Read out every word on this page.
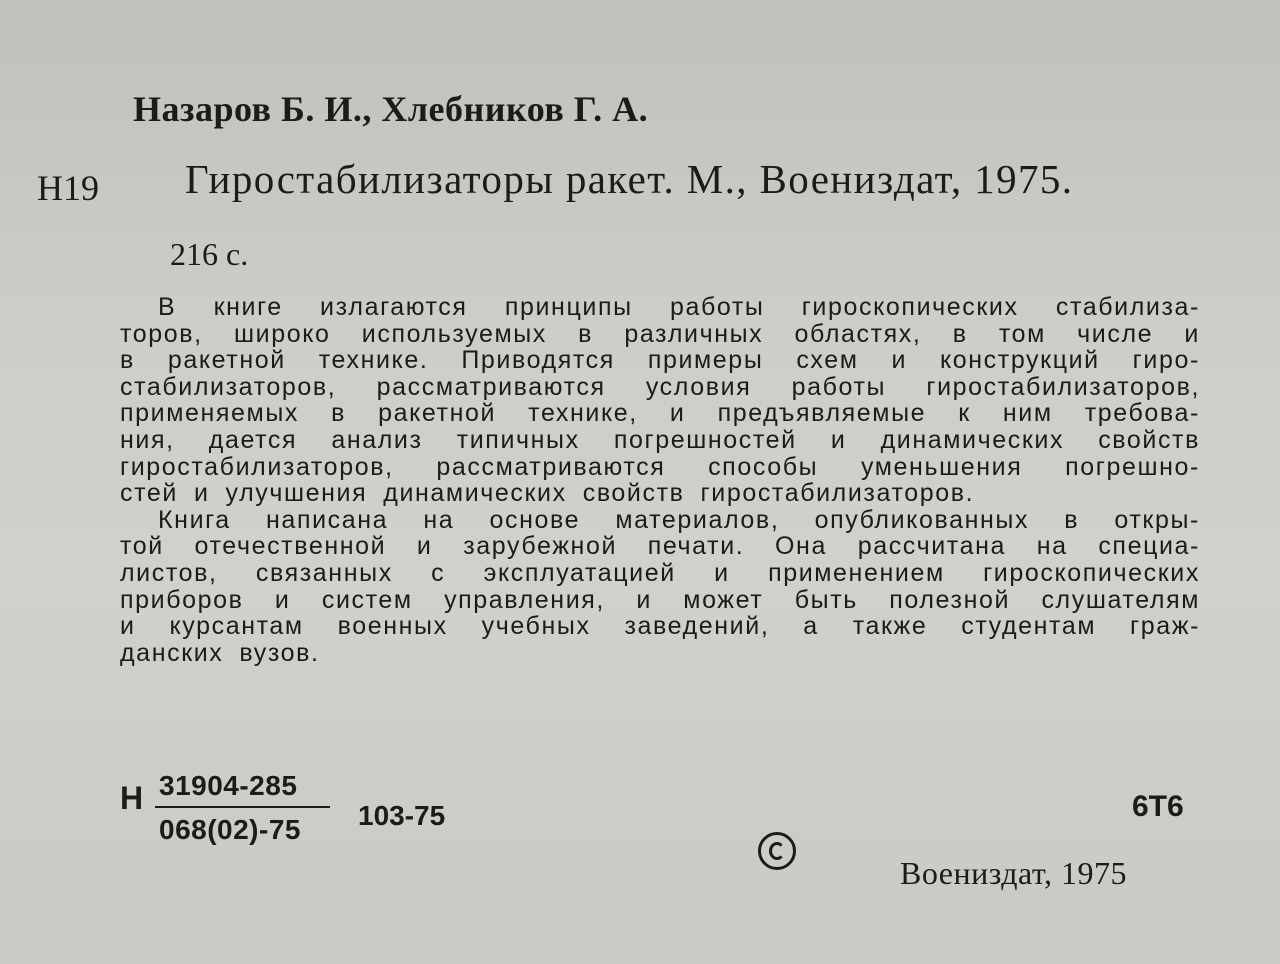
Назаров Б. И., Хлебников Г. А.
Н19 Гиростабилизаторы ракет. М., Воениздат, 1975.
216 с.
В книге излагаются принципы работы гироскопических стабилиза-
торов, широко используемых в различных областях, в том числе и
в ракетной технике. Приводятся примеры схем и конструкций гиро-
стабилизаторов, рассматриваются условия работы гиростабилизаторов,
применяемых в ракетной технике, и предъявляемые к ним требова-
ния, дается анализ типичных погрешностей и динамических свойств
гиростабилизаторов, рассматриваются способы уменьшения погрешно-
стей и улучшения динамических свойств гиростабилизаторов.
Книга написана на основе материалов, опубликованных в откры-
той отечественной и зарубежной печати. Она рассчитана на специа-
листов, связанных с эксплуатацией и применением гироскопических
приборов и систем управления, и может быть полезной слушателям
и курсантам военных учебных заведений, а также студентам граж-
данских вузов.
Н $\frac{31904-285}{068(02)-75} 103-75$	6Т6
Воениздат, 1975
